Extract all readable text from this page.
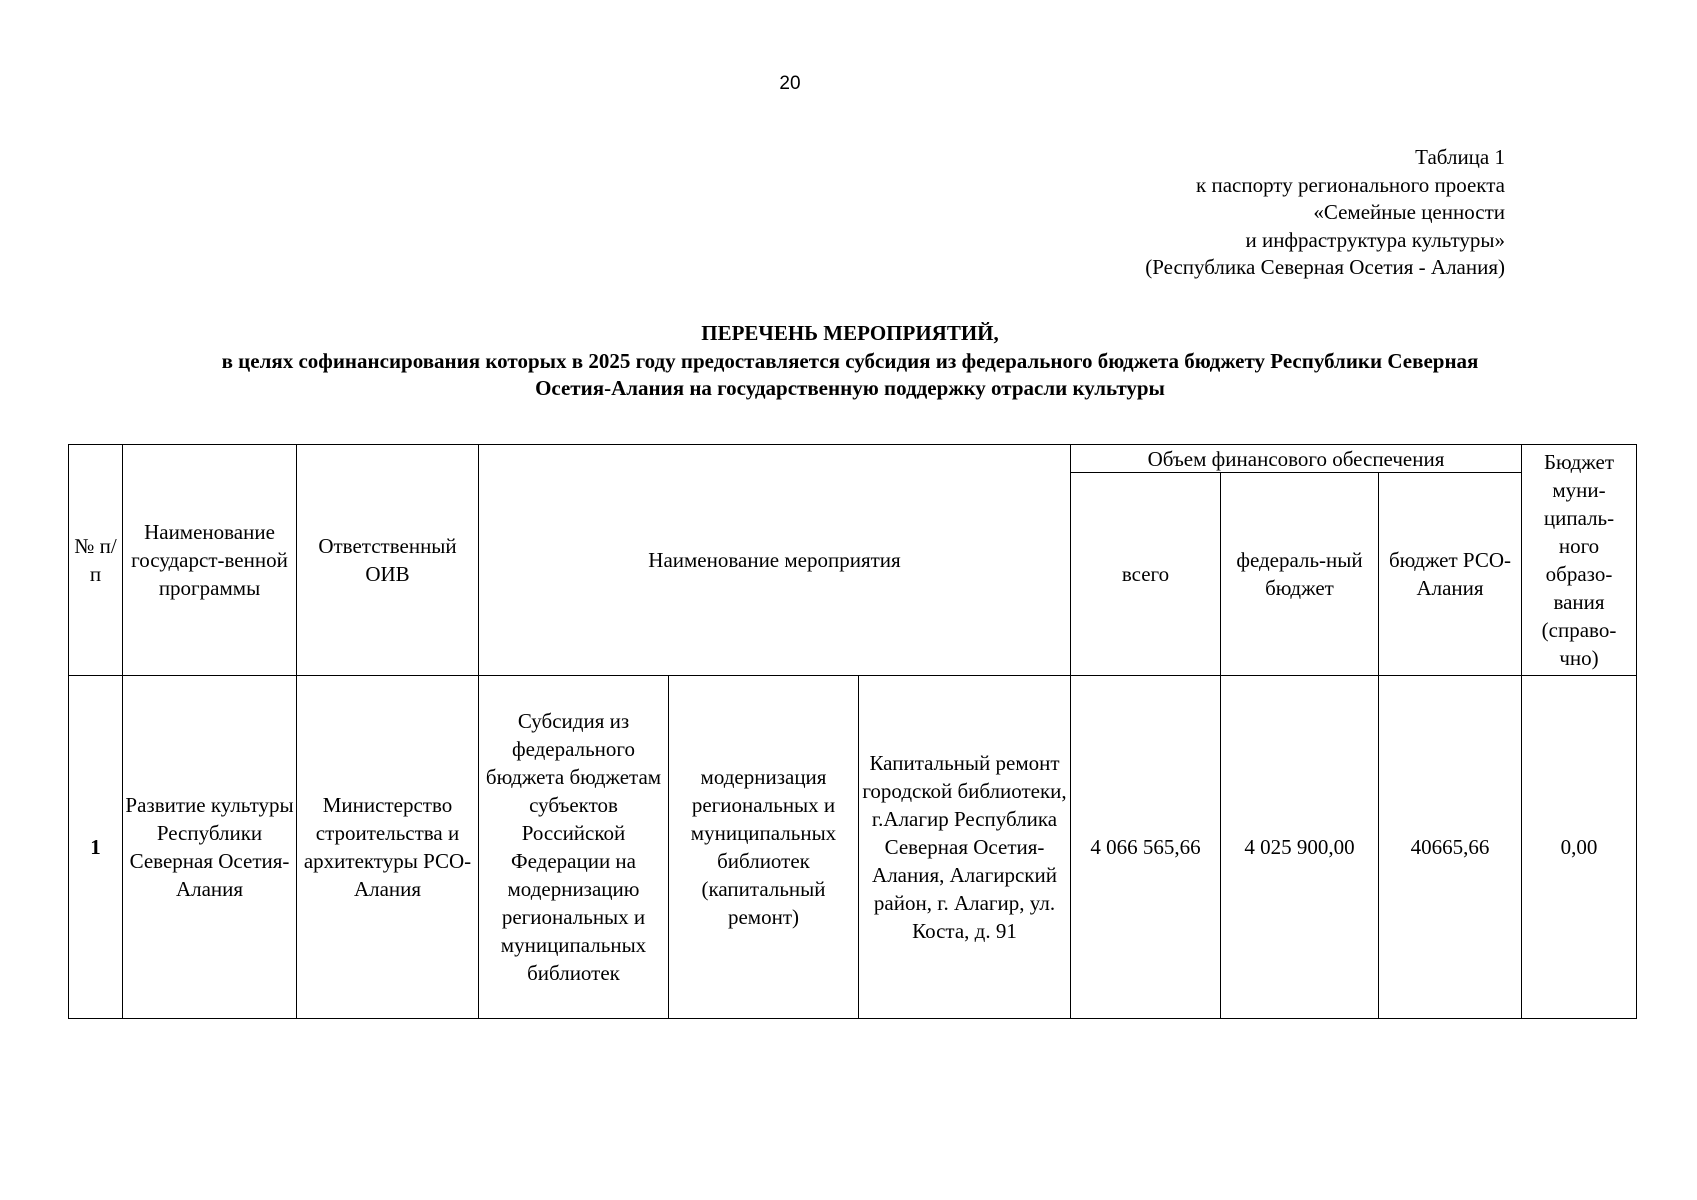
20
Таблица 1
к паспорту регионального проекта
«Семейные ценности
и инфраструктура культуры»
(Республика Северная Осетия - Алания)
ПЕРЕЧЕНЬ МЕРОПРИЯТИЙ,
в целях софинансирования которых в 2025 году предоставляется субсидия из федерального бюджета бюджету Республики Северная
Осетия-Алания на государственную поддержку отрасли культуры
№ п/п	Наименование государст-венной программы	Ответственный ОИВ	Наименование мероприятия			Объем финансового обеспечения			Бюджет муни-ципаль-ного образо-вания (справо-чно)
						всего	федераль-ный бюджет	бюджет РСО-Алания	
1	Развитие культуры Республики Северная Осетия-Алания	Министерство строительства и архитектуры РСО-Алания	Субсидия из федерального бюджета бюджетам субъектов Российской Федерации на модернизацию региональных и муниципальных библиотек	модернизация региональных и муниципальных библиотек (капитальный ремонт)	Капитальный ремонт городской библиотеки, г.Алагир Республика Северная Осетия-Алания, Алагирский район, г. Алагир, ул. Коста, д. 91	4 066 565,66	4 025 900,00	40665,66	0,00
